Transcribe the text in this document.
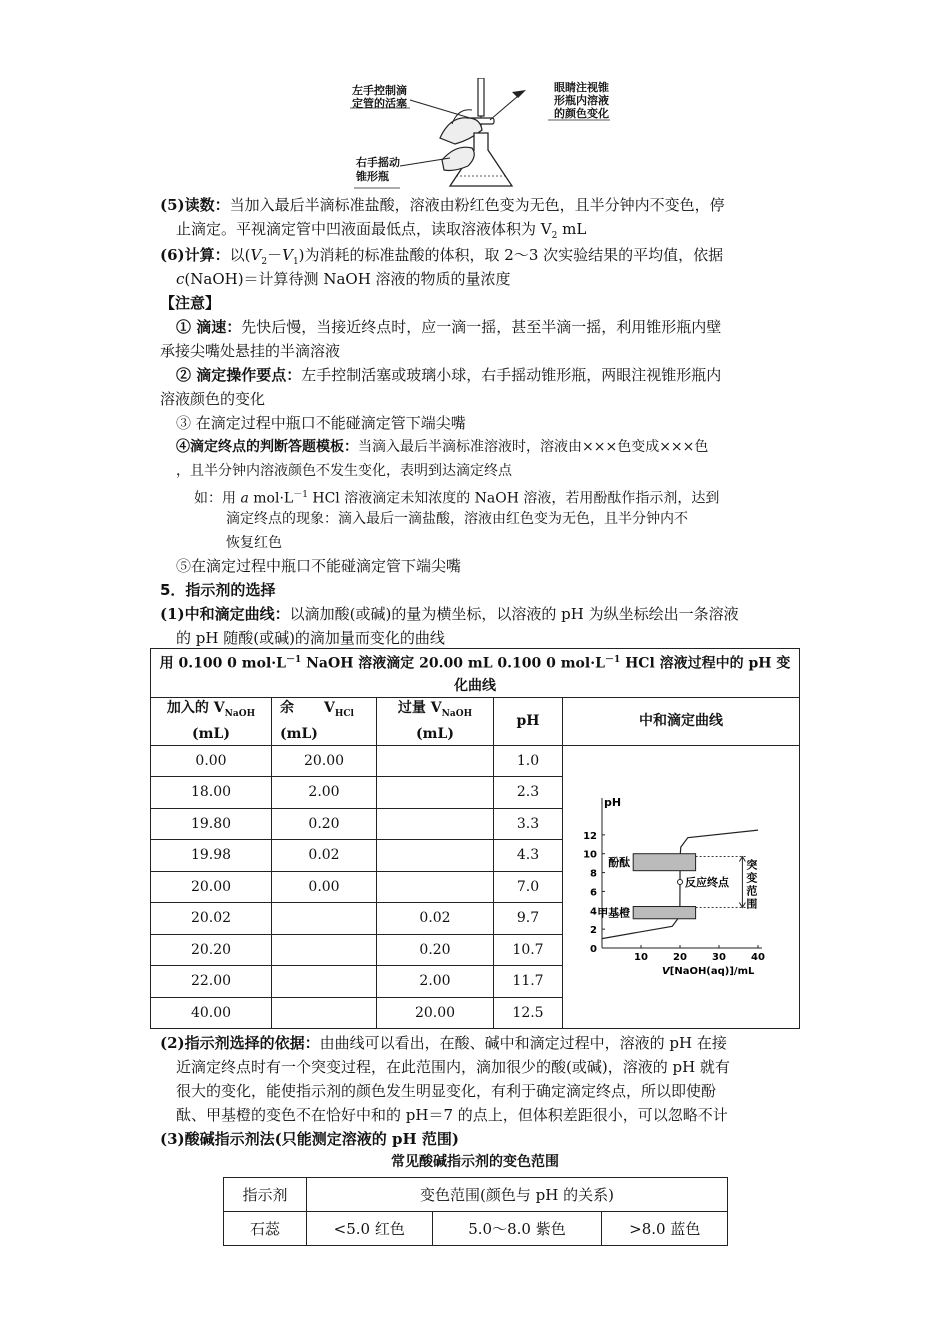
左手控制滴
定管的活塞
眼睛注视锥
形瓶内溶液
的颜色变化
右手摇动
锥形瓶
(5)读数：当加入最后半滴标准盐酸，溶液由粉红色变为无色，且半分钟内不变色，停
止滴定。平视滴定管中凹液面最低点，读取溶液体积为 $V_2$ mL
(6)计算：以$(V_2-V_1)$为消耗的标准盐酸的体积，取 2～3 次实验结果的平均值，依据
c(NaOH)＝计算待测 NaOH 溶液的物质的量浓度
【注意】
① 滴速：先快后慢，当接近终点时，应一滴一摇，甚至半滴一摇，利用锥形瓶内壁
承接尖嘴处悬挂的半滴溶液
② 滴定操作要点：左手控制活塞或玻璃小球，右手摇动锥形瓶，两眼注视锥形瓶内
溶液颜色的变化
③ 在滴定过程中瓶口不能碰滴定管下端尖嘴
④滴定终点的判断答题模板：当滴入最后半滴标准溶液时，溶液由×××色变成×××色
，且半分钟内溶液颜色不发生变化，表明到达滴定终点
如：用 a $mol\cdot L^{-1}$ HCl 溶液滴定未知浓度的 NaOH 溶液，若用酚酞作指示剂，达到
滴定终点的现象：滴入最后一滴盐酸，溶液由红色变为无色，且半分钟内不
恢复红色
⑤在滴定过程中瓶口不能碰滴定管下端尖嘴
5．指示剂的选择
(1)中和滴定曲线：以滴加酸(或碱)的量为横坐标，以溶液的 pH 为纵坐标绘出一条溶液
的 pH 随酸(或碱)的滴加量而变化的曲线
用 0.100 0 $mol\cdot L^{-1}$ NaOH 溶液滴定 20.00 mL 0.100 0 $mol\cdot L^{-1}$ HCl 溶液过程中的 pH 变
化曲线				
加入的 $V_{NaOH}$
(mL)	余 $V_{HCl}$
(mL)	过量 $V_{NaOH}$
(mL)	pH	中和滴定曲线
0.00	20.00		1.0	
18.00	2.00		2.3	
19.80	0.20		3.3	
19.98	0.02		4.3	
20.00	0.00		7.0	
20.02		0.02	9.7	
20.20		0.20	10.7	
22.00		2.00	11.7	
40.00		20.00	12.5	
pH
0
2
4
6
8
10
12
10	20	30	40
V[NaOH(aq)]/mL
酚酞
甲基橙
反应终点
突
变
范
围
(2)指示剂选择的依据：由曲线可以看出，在酸、碱中和滴定过程中，溶液的 pH 在接
近滴定终点时有一个突变过程，在此范围内，滴加很少的酸(或碱)，溶液的 pH 就有
很大的变化，能使指示剂的颜色发生明显变化，有利于确定滴定终点，所以即使酚
酞、甲基橙的变色不在恰好中和的 pH＝7 的点上，但体积差距很小，可以忽略不计
(3)酸碱指示剂法(只能测定溶液的 pH 范围)
常见酸碱指示剂的变色范围
指示剂	变色范围(颜色与 pH 的关系)		
石蕊	<5.0 红色	5.0～8.0 紫色	>8.0 蓝色
